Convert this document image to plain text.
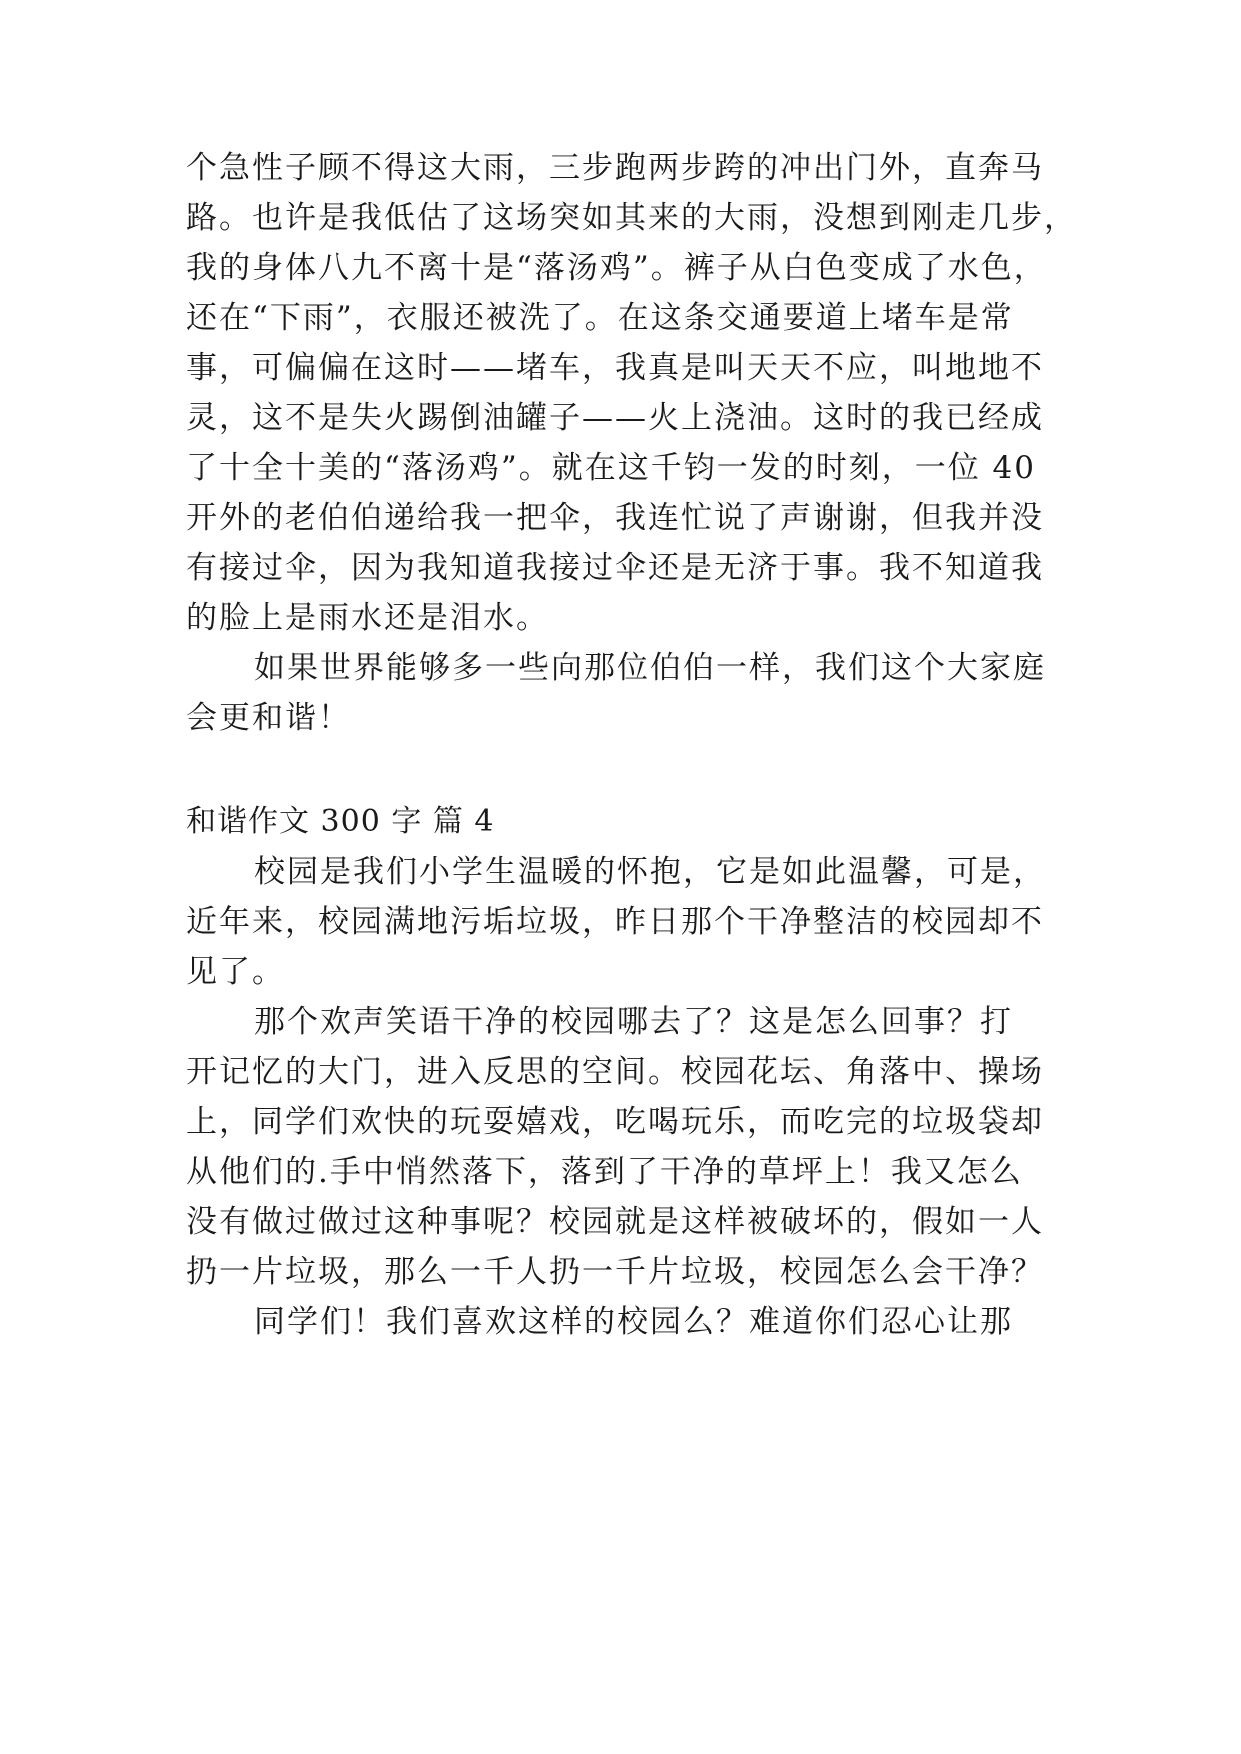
个急性子顾不得这大雨，三步跑两步跨的冲出门外，直奔马
路。也许是我低估了这场突如其来的大雨，没想到刚走几步，
我的身体八九不离十是“落汤鸡”。裤子从白色变成了水色，
还在“下雨”，衣服还被洗了。在这条交通要道上堵车是常
事，可偏偏在这时——堵车，我真是叫天天不应，叫地地不
灵，这不是失火踢倒油罐子——火上浇油。这时的我已经成
了十全十美的“落汤鸡”。就在这千钧一发的时刻，一位 40
开外的老伯伯递给我一把伞，我连忙说了声谢谢，但我并没
有接过伞，因为我知道我接过伞还是无济于事。我不知道我
的脸上是雨水还是泪水。
如果世界能够多一些向那位伯伯一样，我们这个大家庭
会更和谐！
和谐作文 300 字 篇 4
校园是我们小学生温暖的怀抱，它是如此温馨，可是，
近年来，校园满地污垢垃圾，昨日那个干净整洁的校园却不
见了。
那个欢声笑语干净的校园哪去了？这是怎么回事？打
开记忆的大门，进入反思的空间。校园花坛、角落中、操场
上，同学们欢快的玩耍嬉戏，吃喝玩乐，而吃完的垃圾袋却
从他们的.手中悄然落下，落到了干净的草坪上！我又怎么
没有做过做过这种事呢？校园就是这样被破坏的，假如一人
扔一片垃圾，那么一千人扔一千片垃圾，校园怎么会干净？
同学们！我们喜欢这样的校园么？难道你们忍心让那
